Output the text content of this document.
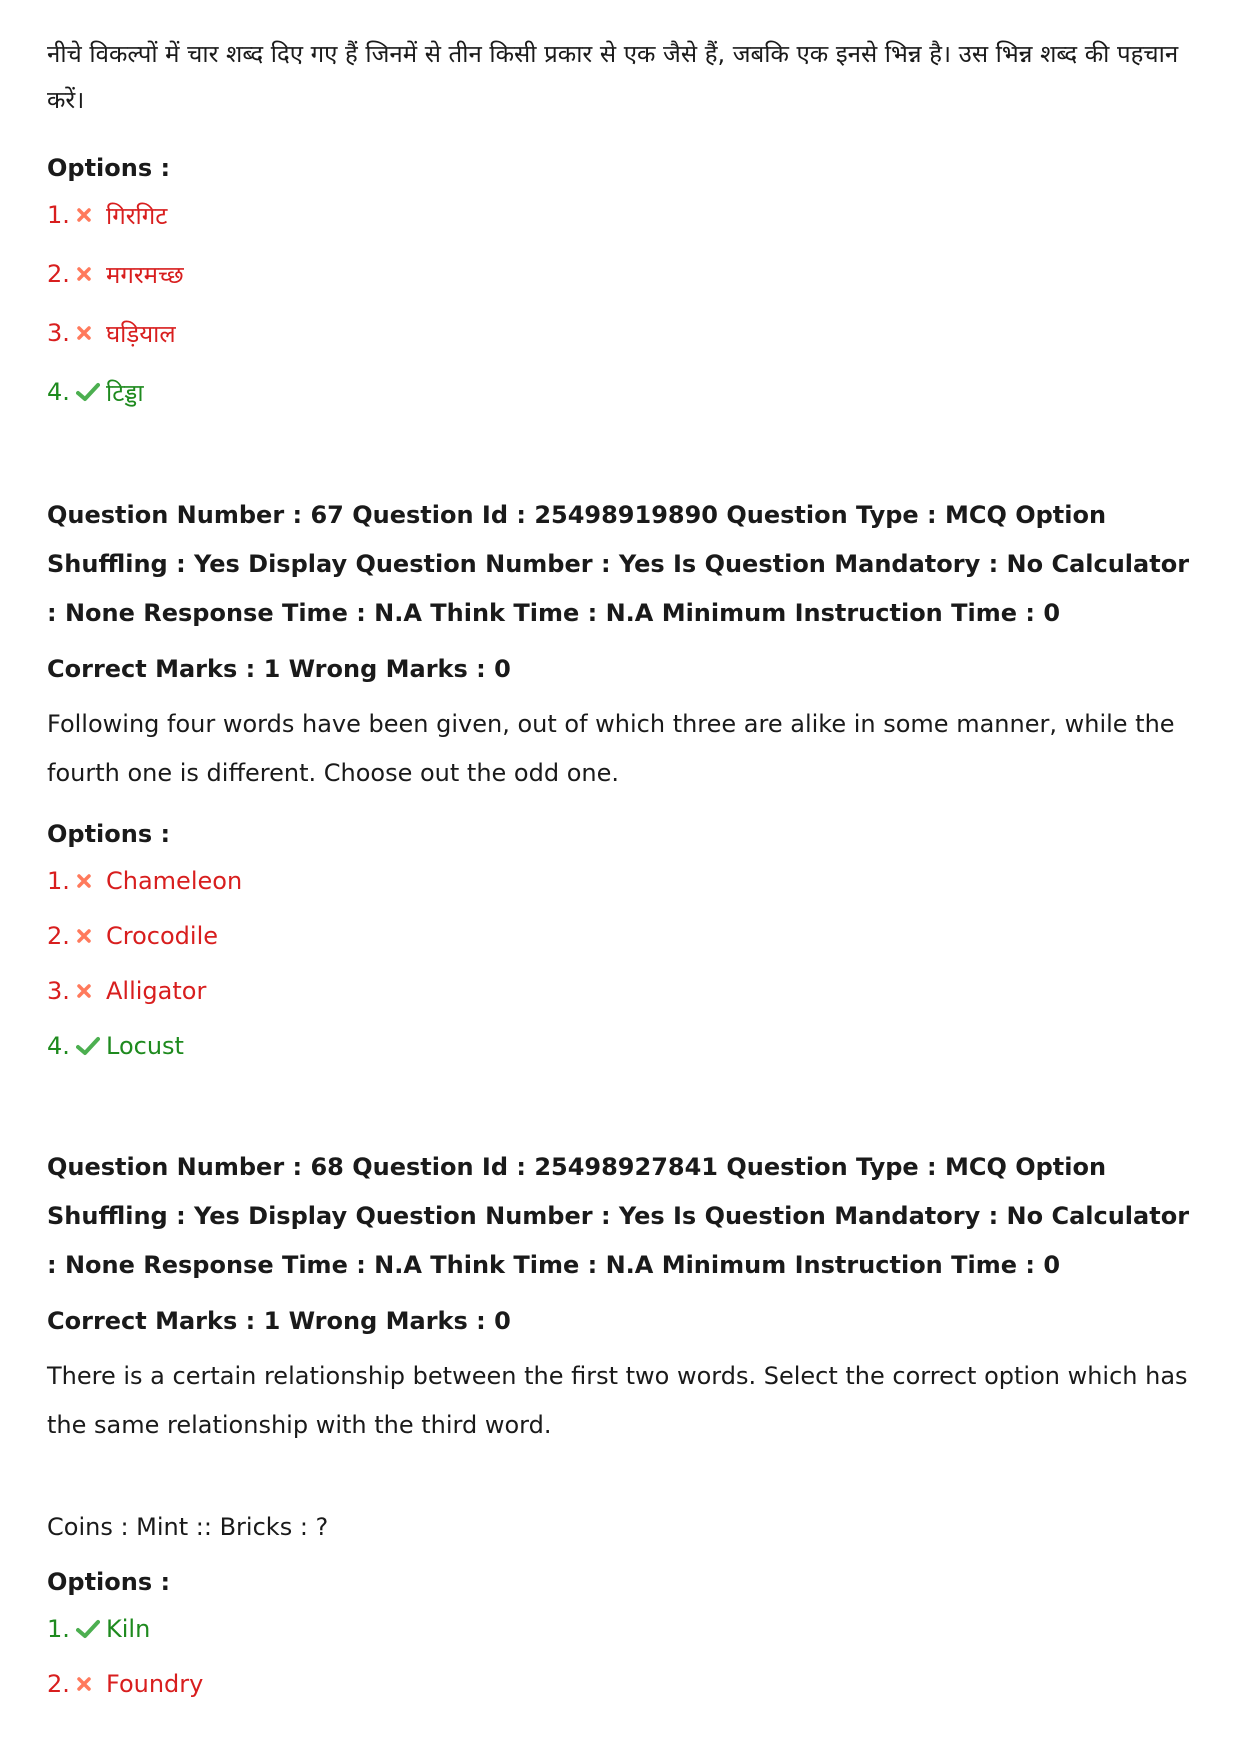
नीचे विकल्पों में चार शब्द दिए गए हैं जिनमें से तीन किसी प्रकार से एक जैसे हैं, जबकि एक इनसे भिन्न है। उस भिन्न शब्द की पहचान करें।

Options :

1. गिरगिट
2. मगरमच्छ
3. घड़ियाल
4. टिड्डा

Question Number : 67 Question Id : 25498919890 Question Type : MCQ Option Shuffling : Yes Display Question Number : Yes Is Question Mandatory : No Calculator : None Response Time : N.A Think Time : N.A Minimum Instruction Time : 0

Correct Marks : 1 Wrong Marks : 0

Following four words have been given, out of which three are alike in some manner, while the fourth one is different. Choose out the odd one.

Options :

1. Chameleon
2. Crocodile
3. Alligator
4. Locust

Question Number : 68 Question Id : 25498927841 Question Type : MCQ Option Shuffling : Yes Display Question Number : Yes Is Question Mandatory : No Calculator : None Response Time : N.A Think Time : N.A Minimum Instruction Time : 0

Correct Marks : 1 Wrong Marks : 0

There is a certain relationship between the first two words. Select the correct option which has the same relationship with the third word.

Coins : Mint :: Bricks : ?

Options :

1. Kiln
2. Foundry
